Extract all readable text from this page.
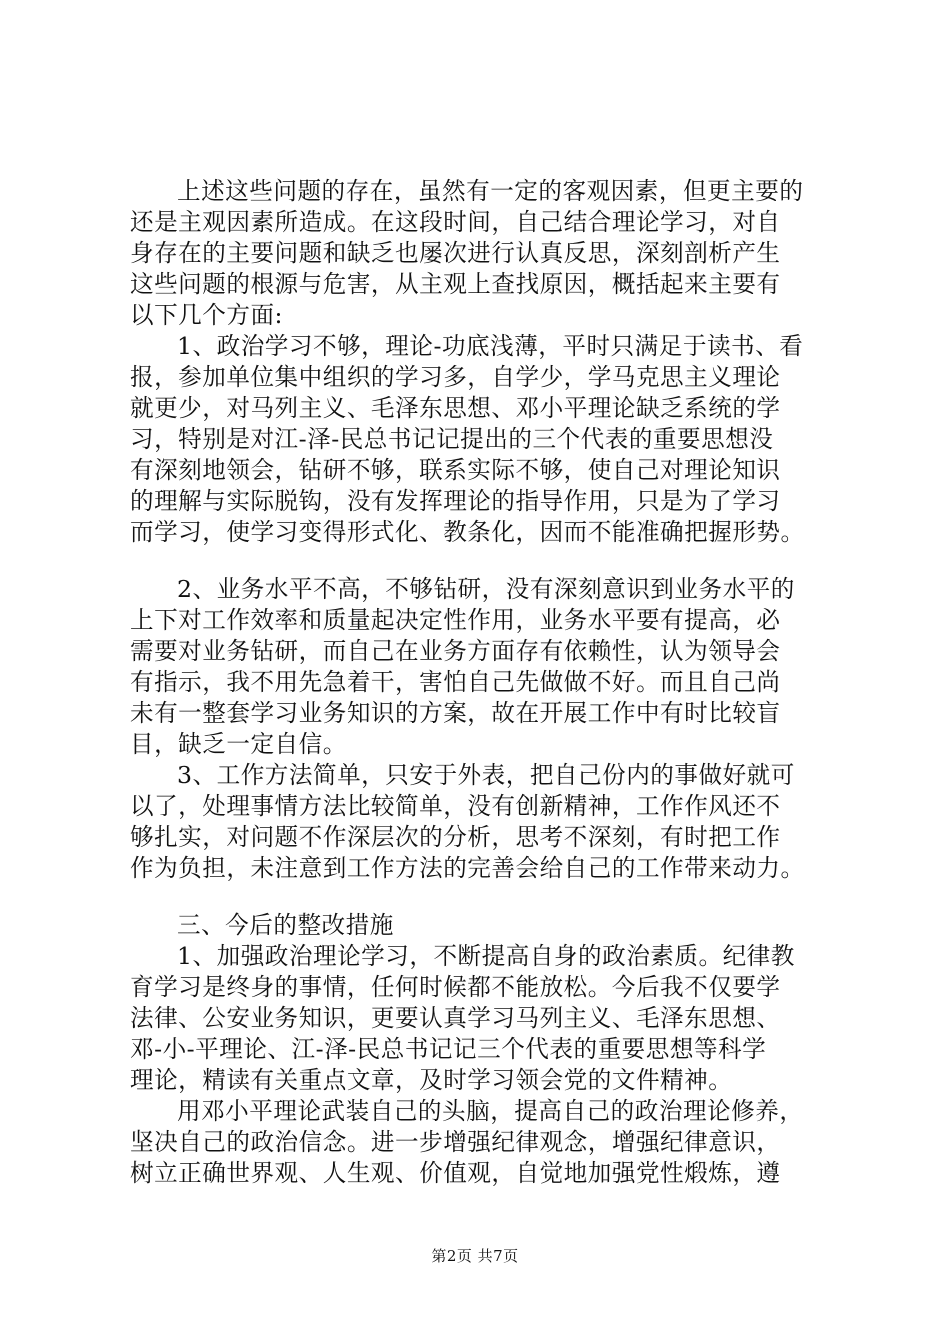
上述这些问题的存在，虽然有一定的客观因素，但更主要的
还是主观因素所造成。在这段时间，自己结合理论学习，对自
身存在的主要问题和缺乏也屡次进行认真反思，深刻剖析产生
这些问题的根源与危害，从主观上查找原因，概括起来主要有
以下几个方面:
1、政治学习不够，理论-功底浅薄，平时只满足于读书、看
报，参加单位集中组织的学习多，自学少，学马克思主义理论
就更少，对马列主义、毛泽东思想、邓小平理论缺乏系统的学
习，特别是对江-泽-民总书记记提出的三个代表的重要思想没
有深刻地领会，钻研不够，联系实际不够，使自己对理论知识
的理解与实际脱钩，没有发挥理论的指导作用，只是为了学习
而学习，使学习变得形式化、教条化，因而不能准确把握形势。
2、业务水平不高，不够钻研，没有深刻意识到业务水平的
上下对工作效率和质量起决定性作用，业务水平要有提高，必
需要对业务钻研，而自己在业务方面存有依赖性，认为领导会
有指示，我不用先急着干，害怕自己先做做不好。而且自己尚
未有一整套学习业务知识的方案，故在开展工作中有时比较盲
目，缺乏一定自信。
3、工作方法简单，只安于外表，把自己份内的事做好就可
以了，处理事情方法比较简单，没有创新精神，工作作风还不
够扎实，对问题不作深层次的分析，思考不深刻，有时把工作
作为负担，未注意到工作方法的完善会给自己的工作带来动力。
三、今后的整改措施
1、加强政治理论学习，不断提高自身的政治素质。纪律教
育学习是终身的事情，任何时候都不能放松。今后我不仅要学
法律、公安业务知识，更要认真学习马列主义、毛泽东思想、
邓-小-平理论、江-泽-民总书记记三个代表的重要思想等科学
理论，精读有关重点文章，及时学习领会党的文件精神。
用邓小平理论武装自己的头脑，提高自己的政治理论修养，
坚决自己的政治信念。进一步增强纪律观念，增强纪律意识，
树立正确世界观、人生观、价值观，自觉地加强党性煅炼，遵
第2页 共7页
